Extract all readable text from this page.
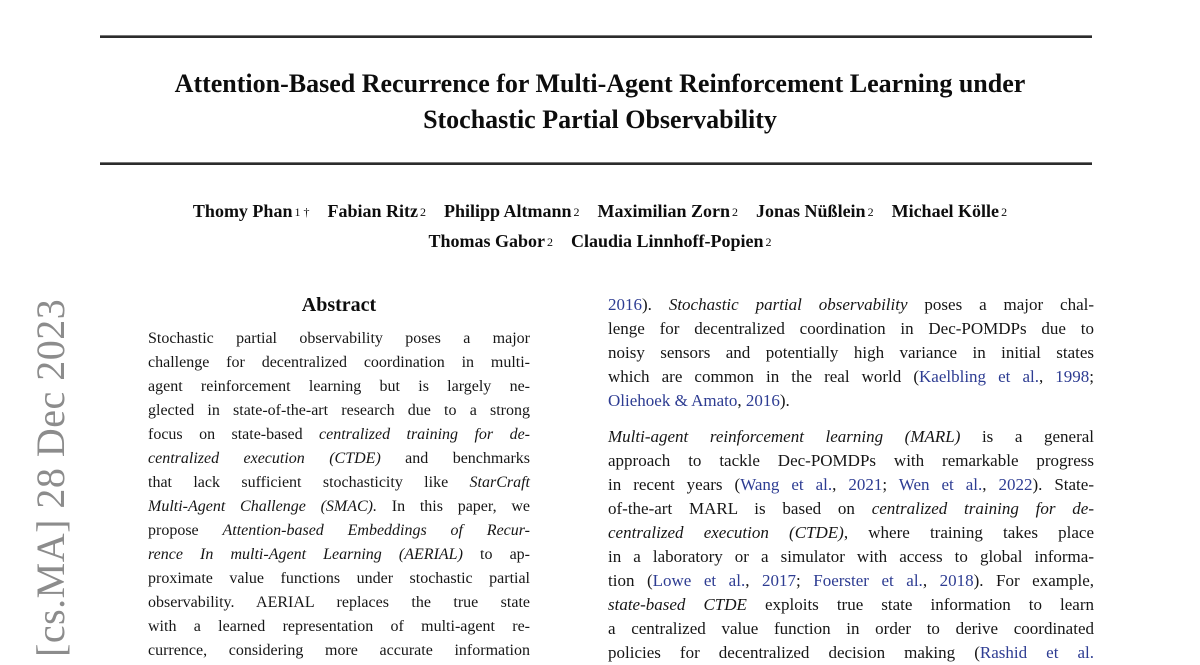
Attention-Based Recurrence for Multi-Agent Reinforcement Learning under
Stochastic Partial Observability
Thomy Phan 1 † Fabian Ritz 2 Philipp Altmann 2 Maximilian Zorn 2 Jonas Nüßlein 2 Michael Kölle 2
Thomas Gabor 2 Claudia Linnhoff-Popien 2
[cs.MA] 28 Dec 2023	Abstract
Stochastic partial observability poses a major
challenge for decentralized coordination in multi-
agent reinforcement learning but is largely ne-
glected in state-of-the-art research due to a strong
focus on state-based centralized training for de-
centralized execution (CTDE) and benchmarks
that lack sufficient stochasticity like StarCraft
Multi-Agent Challenge (SMAC). In this paper, we
propose Attention-based Embeddings of Recur-
rence In multi-Agent Learning (AERIAL) to ap-
proximate value functions under stochastic partial
observability. AERIAL replaces the true state
with a learned representation of multi-agent re-
currence, considering more accurate information
2016). Stochastic partial observability poses a major chal-
lenge for decentralized coordination in Dec-POMDPs due to
noisy sensors and potentially high variance in initial states
which are common in the real world (Kaelbling et al., 1998;
Oliehoek & Amato, 2016).
Multi-agent reinforcement learning (MARL) is a general
approach to tackle Dec-POMDPs with remarkable progress
in recent years (Wang et al., 2021; Wen et al., 2022). State-
of-the-art MARL is based on centralized training for de-
centralized execution (CTDE), where training takes place
in a laboratory or a simulator with access to global informa-
tion (Lowe et al., 2017; Foerster et al., 2018). For example,
state-based CTDE exploits true state information to learn
a centralized value function in order to derive coordinated
policies for decentralized decision making (Rashid et al.
